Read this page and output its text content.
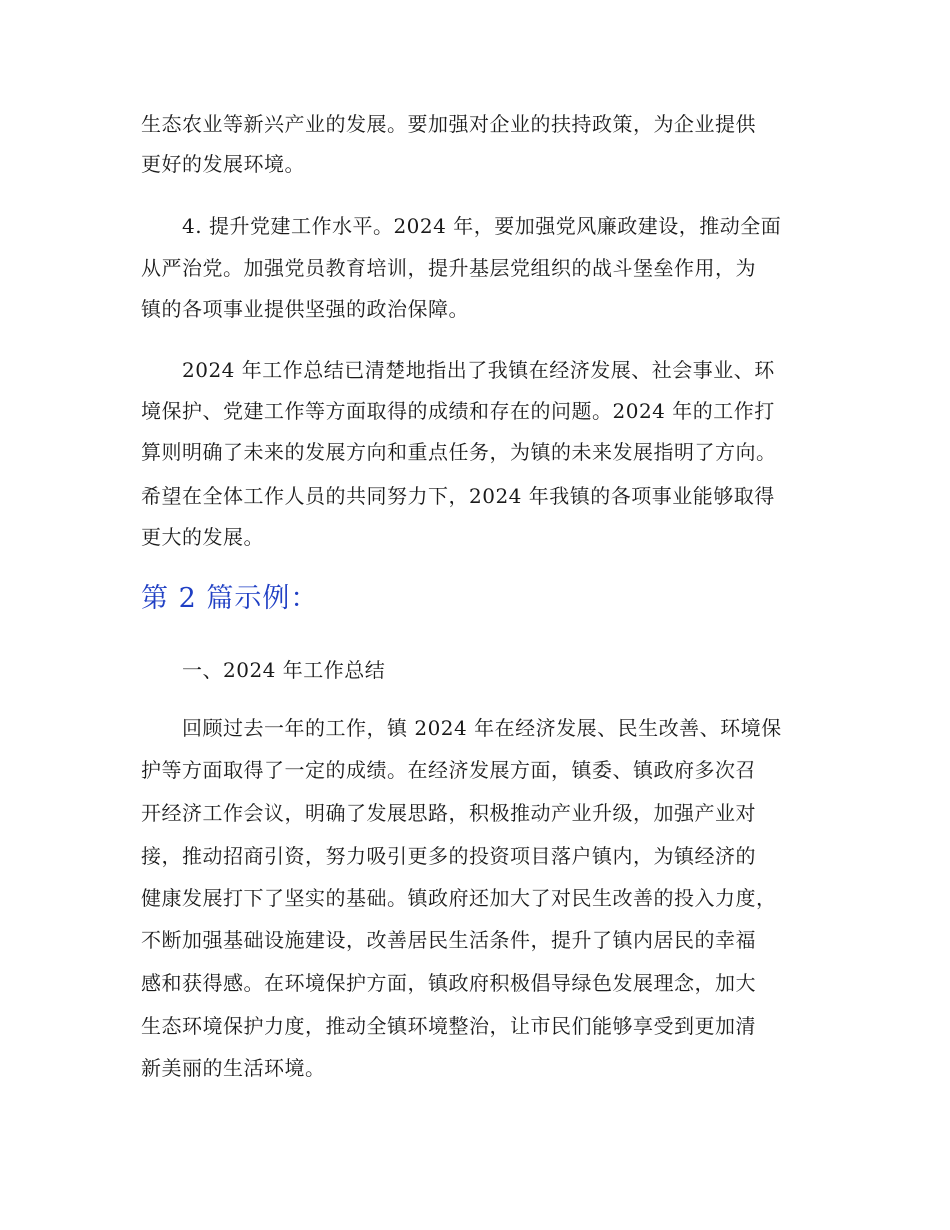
生态农业等新兴产业的发展。要加强对企业的扶持政策，为企业提供
更好的发展环境。
4. 提升党建工作水平。2024 年，要加强党风廉政建设，推动全面
从严治党。加强党员教育培训，提升基层党组织的战斗堡垒作用，为
镇的各项事业提供坚强的政治保障。
2024 年工作总结已清楚地指出了我镇在经济发展、社会事业、环
境保护、党建工作等方面取得的成绩和存在的问题。2024 年的工作打
算则明确了未来的发展方向和重点任务，为镇的未来发展指明了方向。
希望在全体工作人员的共同努力下，2024 年我镇的各项事业能够取得
更大的发展。
第 2 篇示例：
一、2024 年工作总结
回顾过去一年的工作，镇 2024 年在经济发展、民生改善、环境保
护等方面取得了一定的成绩。在经济发展方面，镇委、镇政府多次召
开经济工作会议，明确了发展思路，积极推动产业升级，加强产业对
接，推动招商引资，努力吸引更多的投资项目落户镇内，为镇经济的
健康发展打下了坚实的基础。镇政府还加大了对民生改善的投入力度，
不断加强基础设施建设，改善居民生活条件，提升了镇内居民的幸福
感和获得感。在环境保护方面，镇政府积极倡导绿色发展理念，加大
生态环境保护力度，推动全镇环境整治，让市民们能够享受到更加清
新美丽的生活环境。
